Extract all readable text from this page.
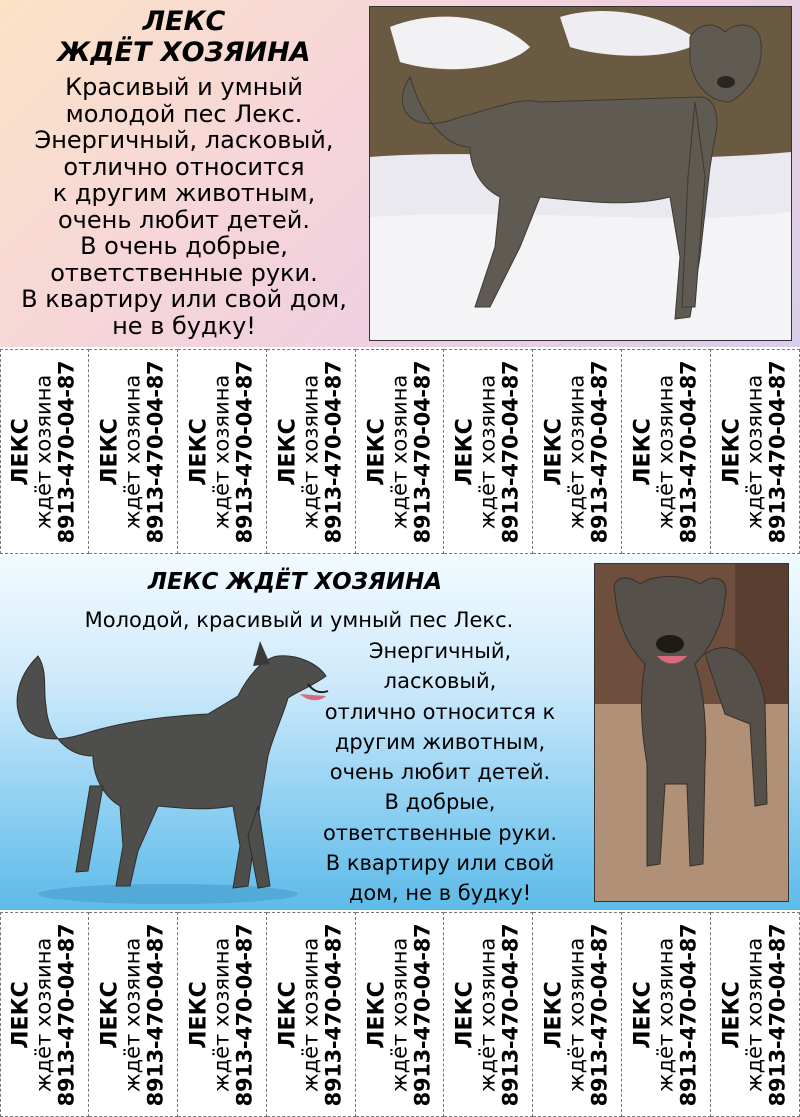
ЛЕКС
ЖДЁТ ХОЗЯИНА

Красивый и умный
молодой пес Лекс.
Энергичный, ласковый,
отлично относится
к другим животным,
очень любит детей.
В очень добрые,
ответственные руки.
В квартиру или свой дом,
не в будку!

ЛЕКС
ждёт хозяина 8913-470-04-87 ЛЕКС
ждёт хозяина 8913-470-04-87 ЛЕКС
ждёт хозяина 8913-470-04-87 ЛЕКС
ждёт хозяина 8913-470-04-87 ЛЕКС
ждёт хозяина 8913-470-04-87 ЛЕКС
ждёт хозяина 8913-470-04-87 ЛЕКС
ждёт хозяина 8913-470-04-87 ЛЕКС
ждёт хозяина 8913-470-04-87 ЛЕКС
ждёт хозяина 8913-470-04-87
ЛЕКС ЖДЁТ ХОЗЯИНА

Молодой, красивый и умный пес Лекс.

Энергичный,
ласковый,
отлично относится к
другим животным,
очень любит детей.
В добрые,
ответственные руки.
В квартиру или свой
дом, не в будку!

ЛЕКС
ждёт хозяина 8913-470-04-87 ЛЕКС
ждёт хозяина 8913-470-04-87 ЛЕКС
ждёт хозяина 8913-470-04-87 ЛЕКС
ждёт хозяина 8913-470-04-87 ЛЕКС
ждёт хозяина 8913-470-04-87 ЛЕКС
ждёт хозяина 8913-470-04-87 ЛЕКС
ждёт хозяина 8913-470-04-87 ЛЕКС
ждёт хозяина 8913-470-04-87 ЛЕКС
ждёт хозяина 8913-470-04-87
